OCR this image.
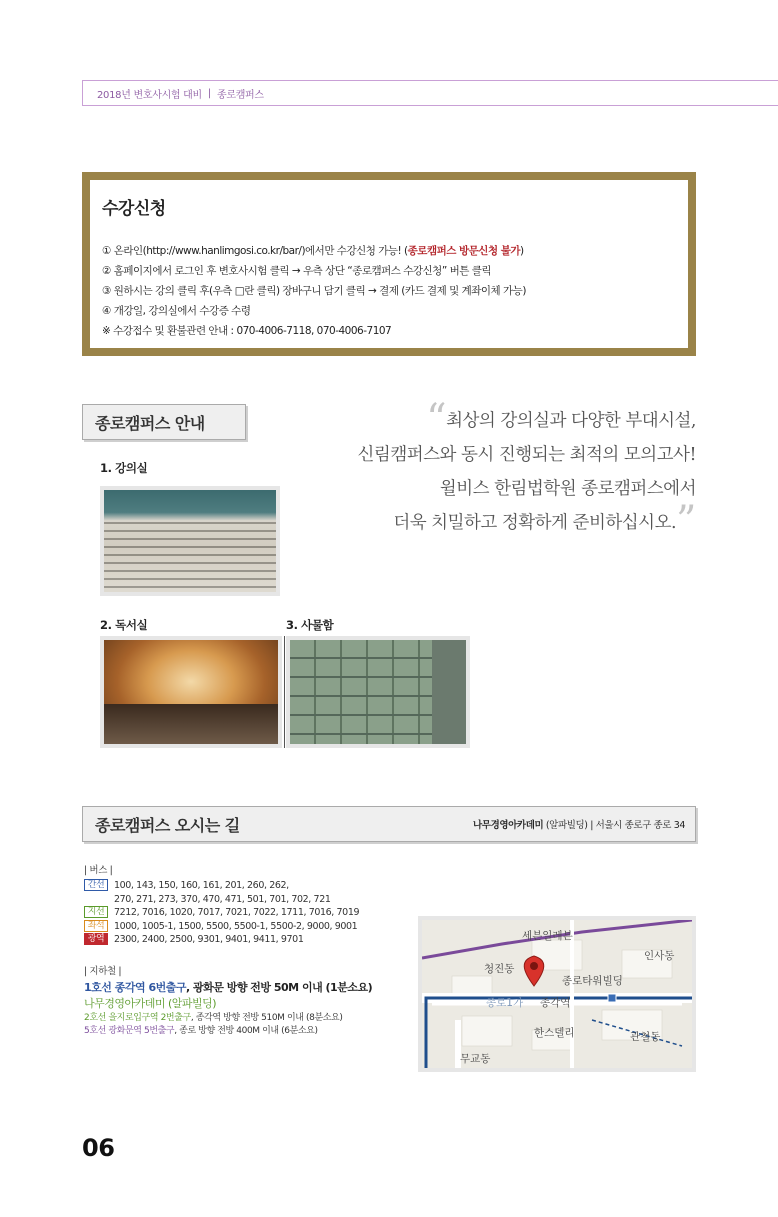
2018년 변호사시험 대비 | 종로캠퍼스
수강신청
① 온라인(http://www.hanlimgosi.co.kr/bar/)에서만 수강신청 가능! (종로캠퍼스 방문신청 불가)
② 홈페이지에서 로그인 후 변호사시험 클릭 → 우측 상단 “종로캠퍼스 수강신청” 버튼 클릭
③ 원하시는 강의 클릭 후(우측 □란 클릭) 장바구니 담기 클릭 → 결제 (카드 결제 및 계좌이체 가능)
④ 개강일, 강의실에서 수강증 수령
※ 수강접수 및 환불관련 안내 : 070-4006-7118, 070-4006-7107
종로캠퍼스 안내	“최상의 강의실과 다양한 부대시설,
신림캠퍼스와 동시 진행되는 최적의 모의고사!
윌비스 한림법학원 종로캠퍼스에서
더욱 치밀하고 정확하게 준비하십시오.”
1. 강의실
2. 독서실	3. 사물함
종로캠퍼스 오시는 길	나무경영아카데미 (알파빌딩) | 서울시 종로구 종로 34
| 버스 |
간선	100, 143, 150, 160, 161, 201, 260, 262,
270, 271, 273, 370, 470, 471, 501, 701, 702, 721
지선	7212, 7016, 1020, 7017, 7021, 7022, 1711, 7016, 7019
좌석	1000, 1005-1, 1500, 5500, 5500-1, 5500-2, 9000, 9001
광역	2300, 2400, 2500, 9301, 9401, 9411, 9701
| 지하철 |
1호선 종각역 6번출구, 광화문 방향 전방 50M 이내 (1분소요)
나무경영아카데미 (알파빌딩)
2호선 을지로입구역 2번출구, 종각역 방향 전방 510M 이내 (8분소요)
5호선 광화문역 5번출구, 종로 방향 전방 400M 이내 (6분소요)
세븐일레븐
인사동
청진동
종로타워빌딩
종로1가 종각역
한스델리	관철동
무교동
06
